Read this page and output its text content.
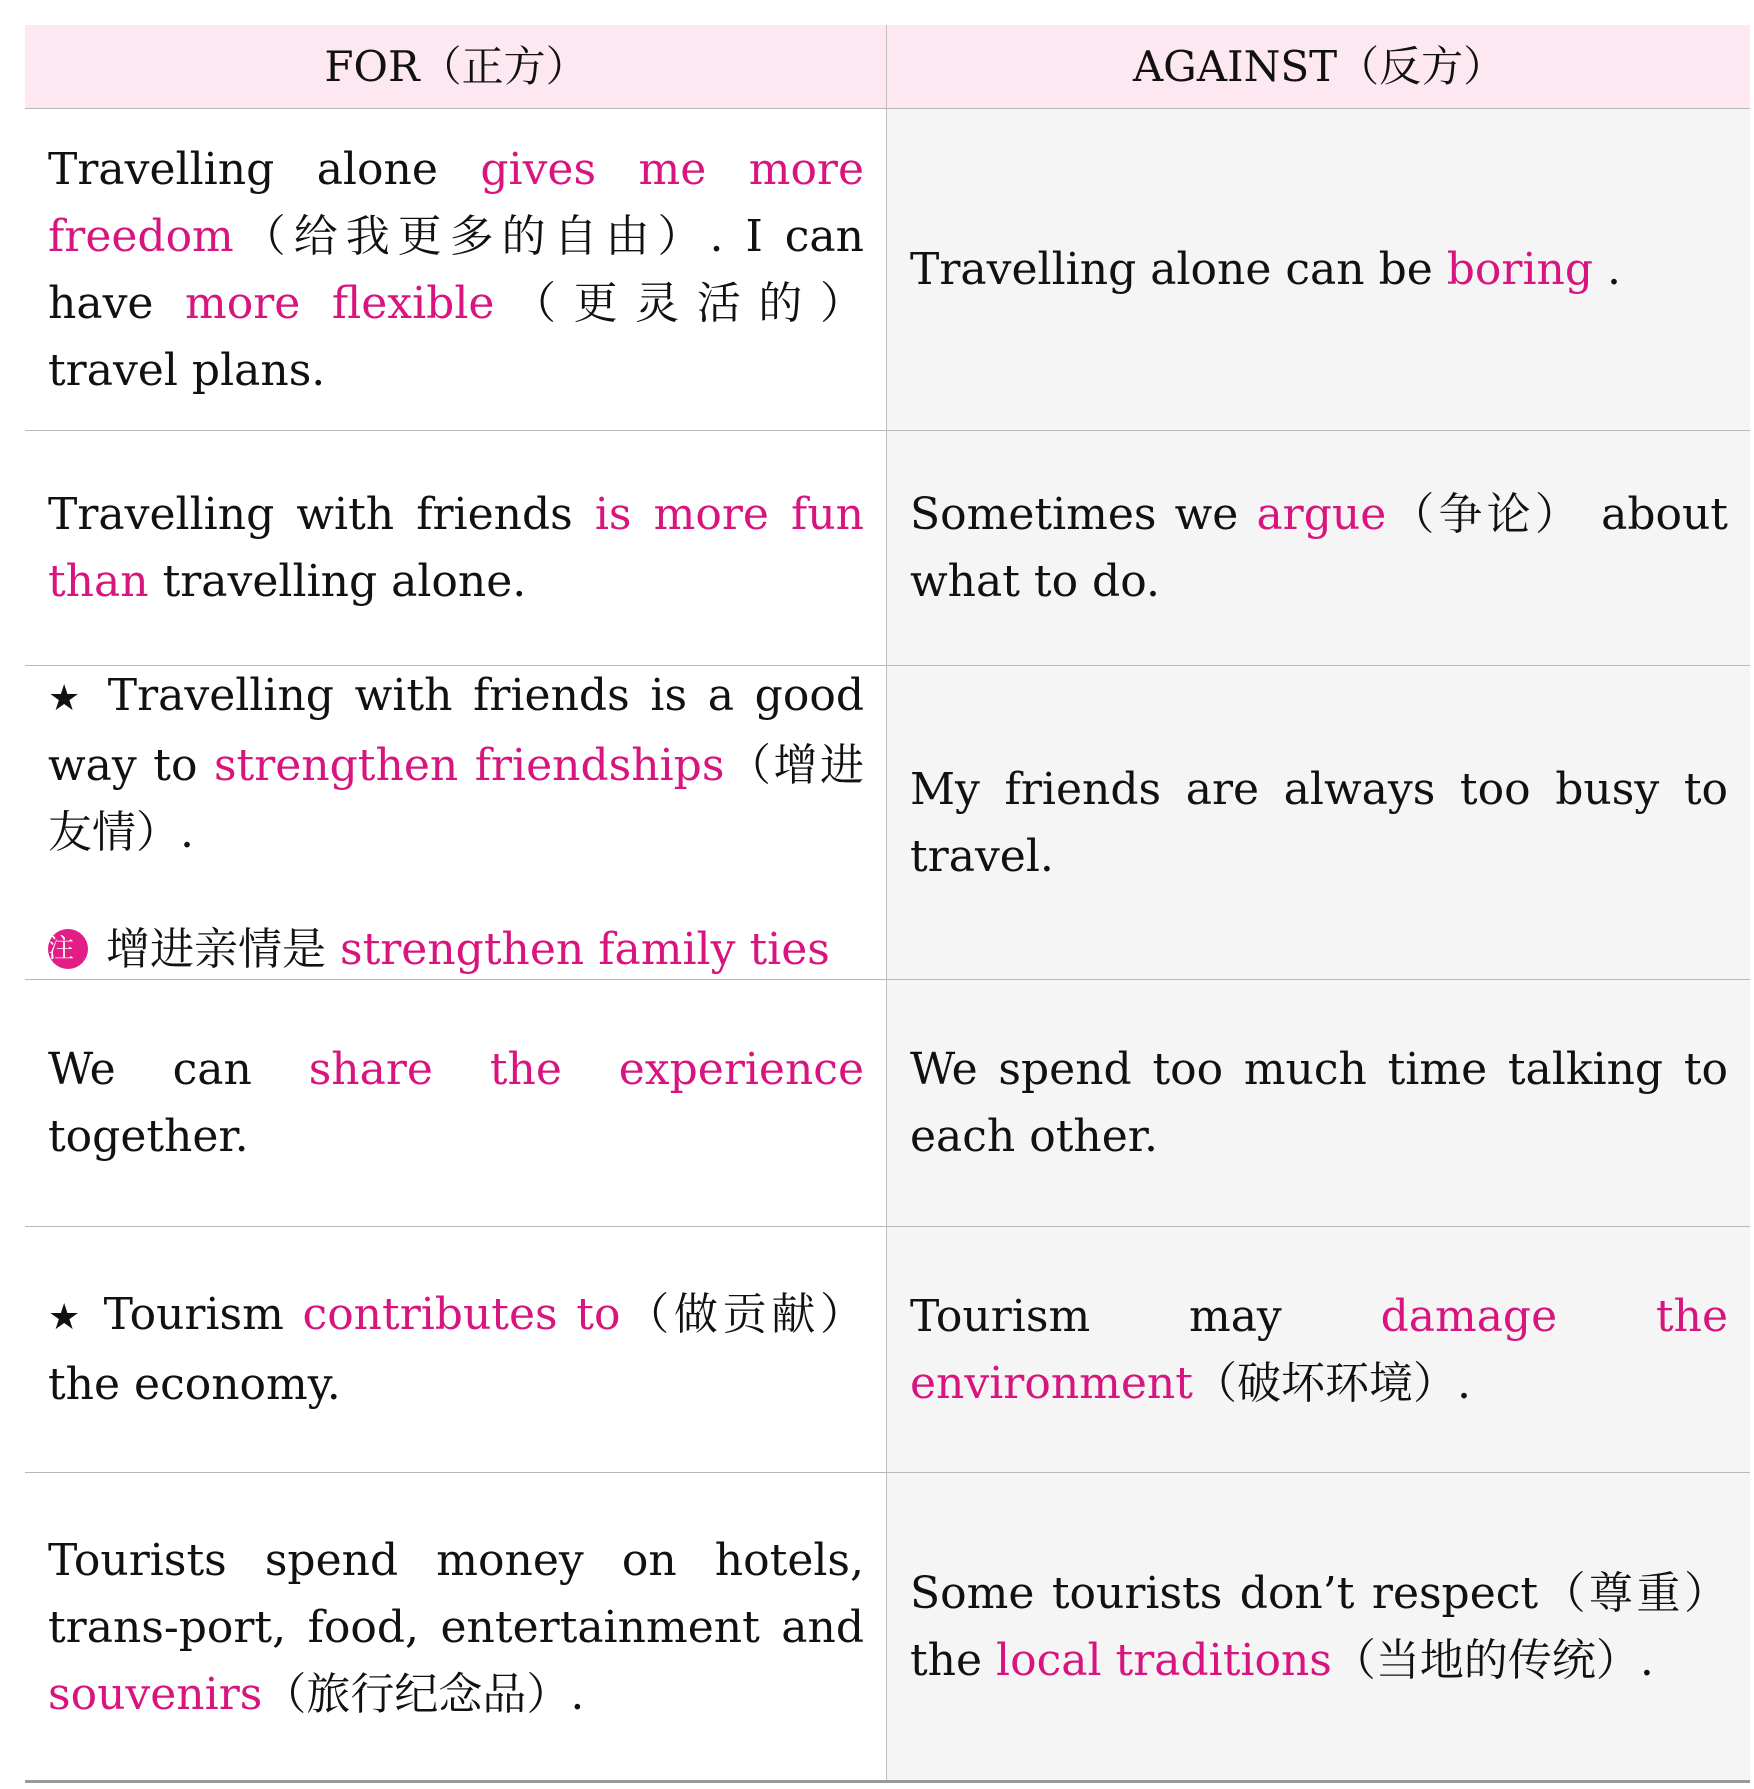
FOR（正方）	AGAINST（反方）
Travelling alone gives me more freedom（给我更多的自由）. I can have more flexible（更灵活的） travel plans.
Travelling alone can be boring .
Travelling with friends is more fun than travelling alone.
Sometimes we argue（争论） about what to do.
★ Travelling with friends is a good way to strengthen friendships（增进友情）.
注 增进亲情是 strengthen family ties
My friends are always too busy to travel.
We can share the experience together.
We spend too much time talking to each other.
★ Tourism contributes to（做贡献） the economy.
Tourism may damage the environment（破坏环境）.
Tourists spend money on hotels, trans-port, food, entertainment and souvenirs（旅行纪念品）.
Some tourists don’t respect（尊重） the local traditions（当地的传统）.
